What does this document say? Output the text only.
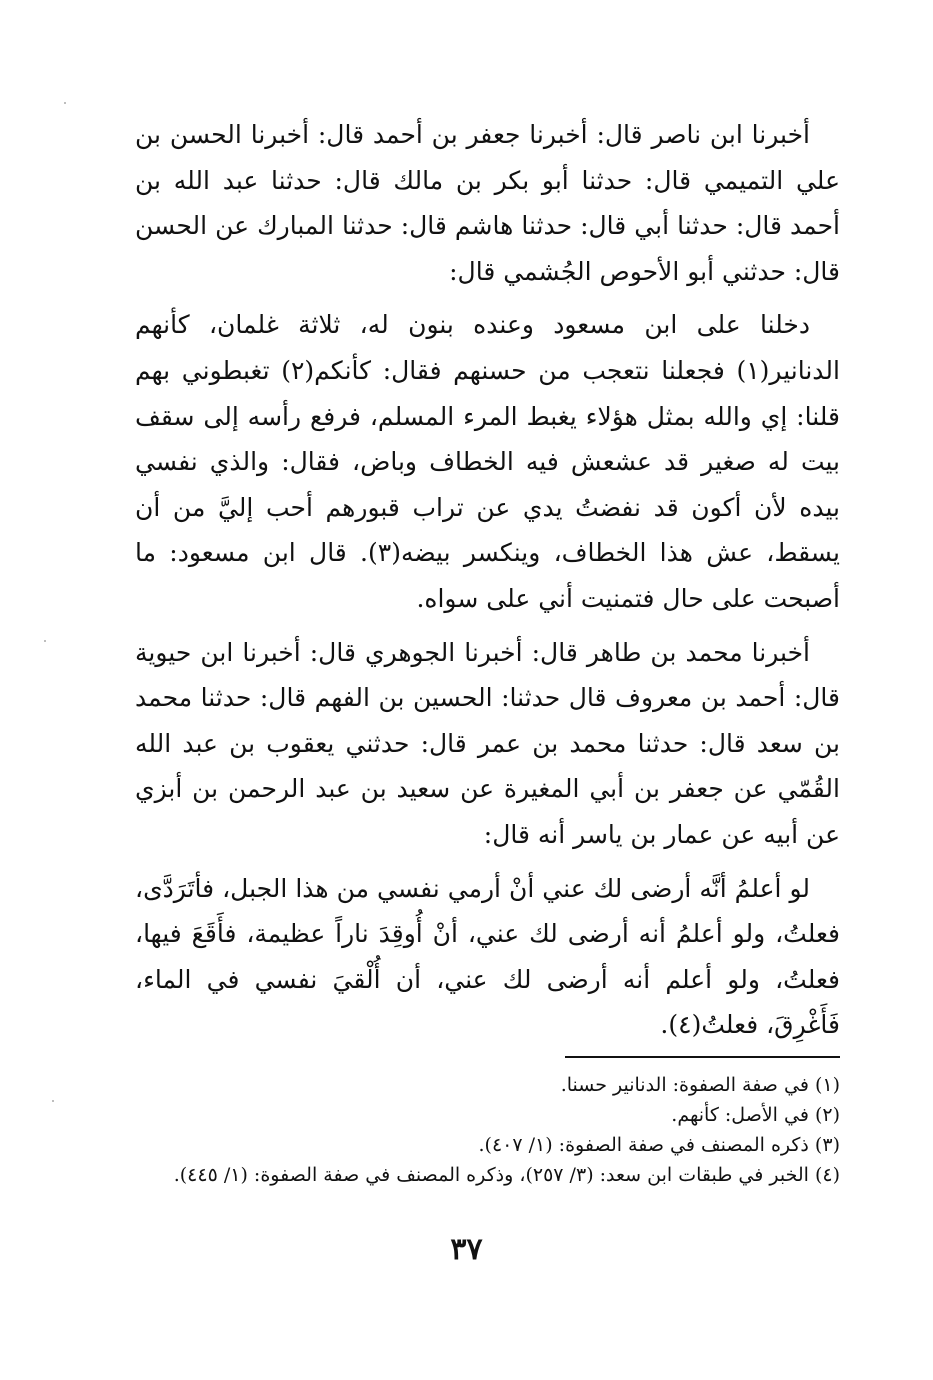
أخبرنا ابن ناصر قال: أخبرنا جعفر بن أحمد قال: أخبرنا الحسن بن علي التميمي قال: حدثنا أبو بكر بن مالك قال: حدثنا عبد الله بن أحمد قال: حدثنا أبي قال: حدثنا هاشم قال: حدثنا المبارك عن الحسن قال: حدثني أبو الأحوص الجُشمي قال:

دخلنا على ابن مسعود وعنده بنون له، ثلاثة غلمان، كأنهم الدنانير(١) فجعلنا نتعجب من حسنهم فقال: كأنكم(٢) تغبطوني بهم قلنا: إي والله بمثل هؤلاء يغبط المرء المسلم، فرفع رأسه إلى سقف بيت له صغير قد عشعش فيه الخطاف وباض، فقال: والذي نفسي بيده لأن أكون قد نفضتُ يدي عن تراب قبورهم أحب إليَّ من أن يسقط، عش هذا الخطاف، وينكسر بيضه(٣). قال ابن مسعود: ما أصبحت على حال فتمنيت أني على سواه.

أخبرنا محمد بن طاهر قال: أخبرنا الجوهري قال: أخبرنا ابن حيوية قال: أحمد بن معروف قال حدثنا: الحسين بن الفهم قال: حدثنا محمد بن سعد قال: حدثنا محمد بن عمر قال: حدثني يعقوب بن عبد الله القُمّي عن جعفر بن أبي المغيرة عن سعيد بن عبد الرحمن بن أبزي عن أبيه عن عمار بن ياسر أنه قال:

لو أعلمُ أنَّه أرضى لك عني أنْ أرمي نفسي من هذا الجبل، فأتَرَدَّى، فعلتُ، ولو أعلمُ أنه أرضى لك عني، أنْ أُوقِدَ ناراً عظيمة، فأَقَعَ فيها، فعلتُ، ولو أعلم أنه أرضى لك عني، أن أُلْقيَ نفسي في الماء، فَأَغْرِقَ، فعلتُ(٤).

(١) في صفة الصفوة: الدنانير حسنا.

(٢) في الأصل: كأنهم.

(٣) ذكره المصنف في صفة الصفوة: (١/ ٤٠٧).

(٤) الخبر في طبقات ابن سعد: (٣/ ٢٥٧)، وذكره المصنف في صفة الصفوة: (١/ ٤٤٥).

٣٧
